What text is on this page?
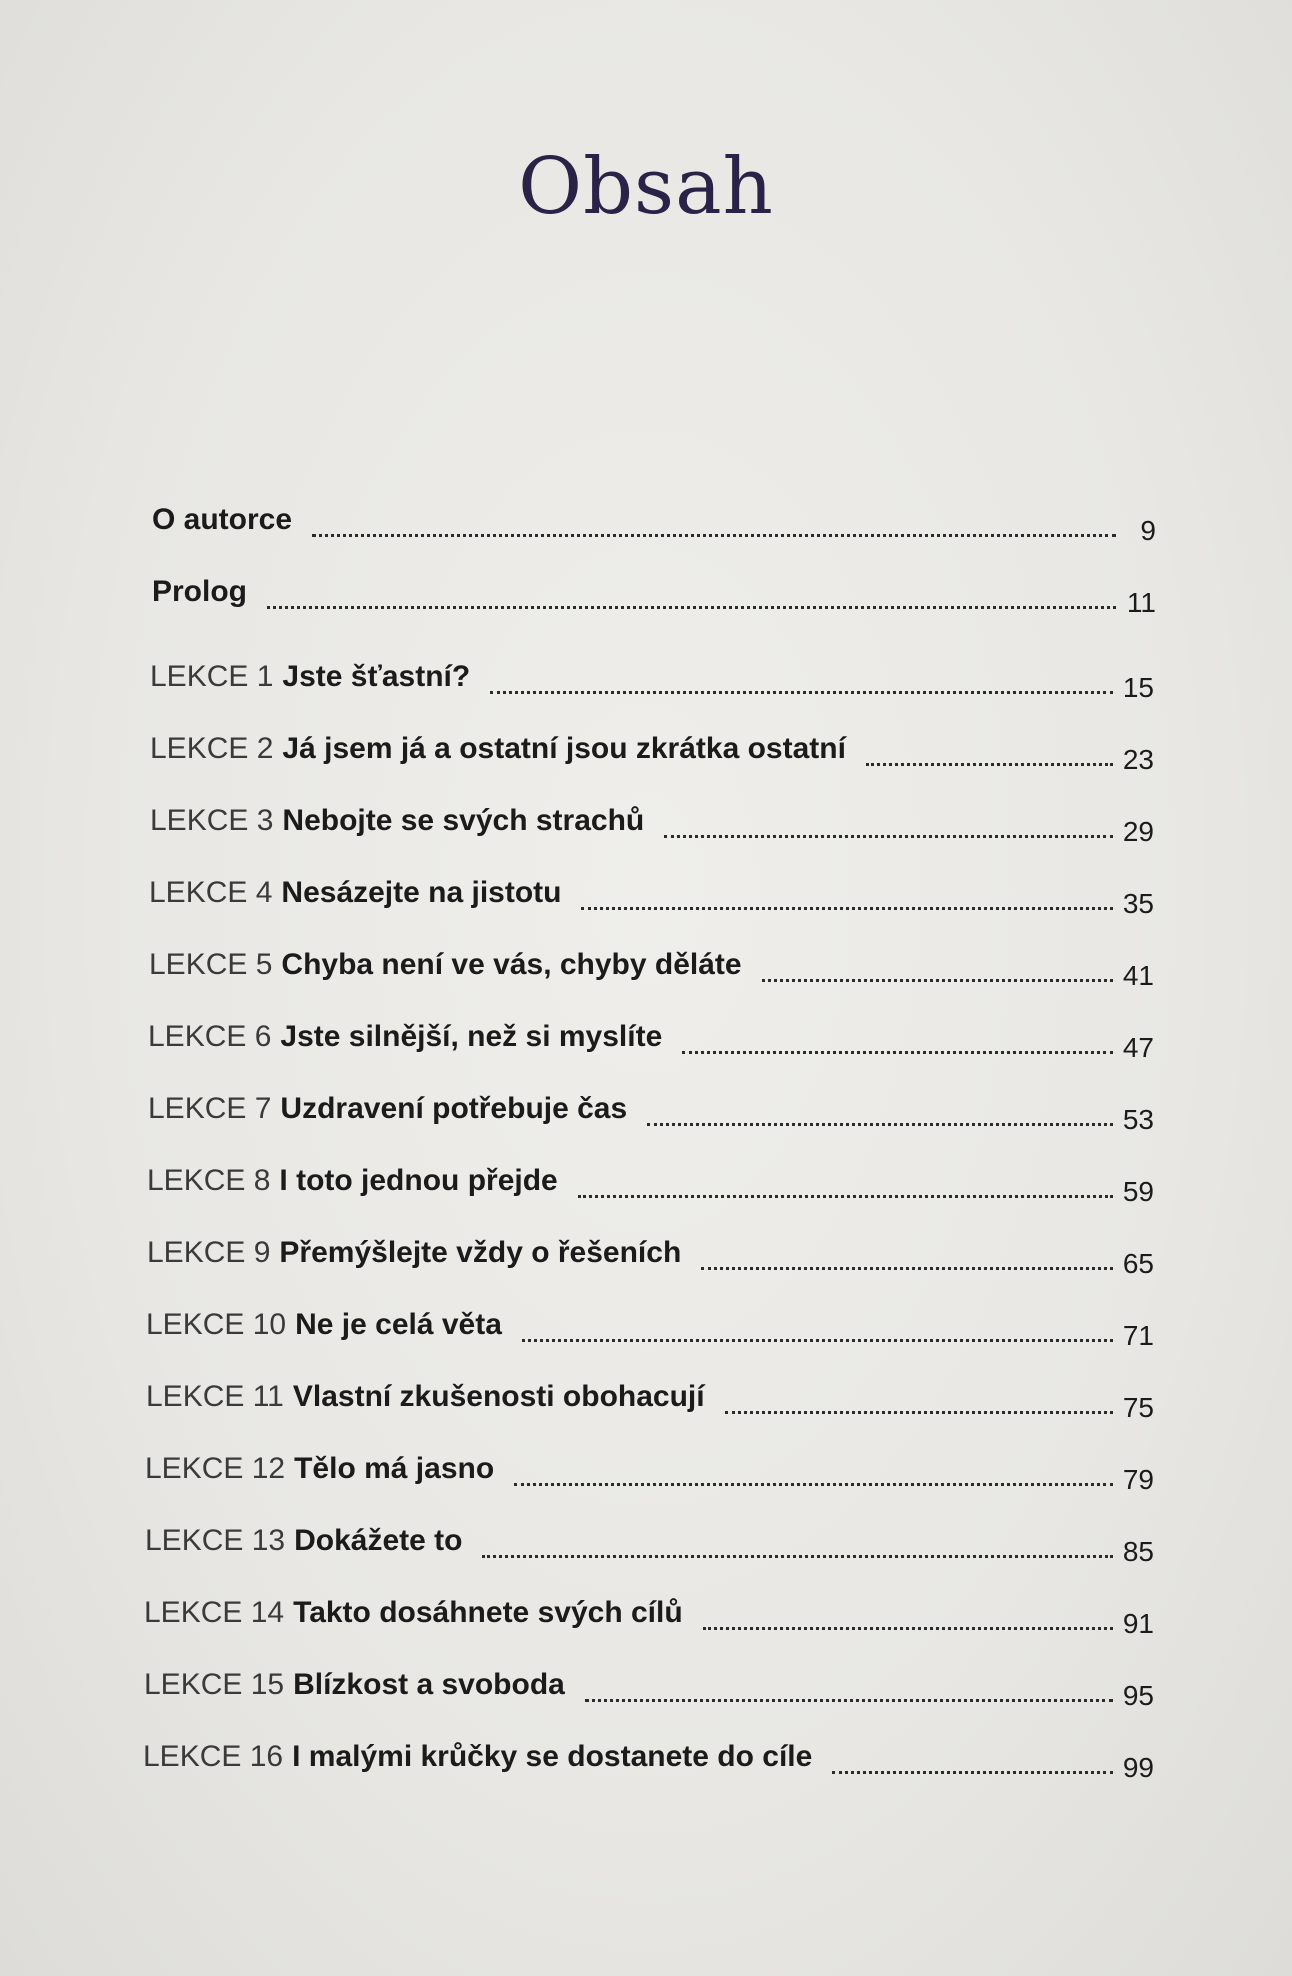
Obsah
O autorce	9
Prolog	11
LEKCE 1 Jste šťastní?	15
LEKCE 2 Já jsem já a ostatní jsou zkrátka ostatní	23
LEKCE 3 Nebojte se svých strachů	29
LEKCE 4 Nesázejte na jistotu	35
LEKCE 5 Chyba není ve vás, chyby děláte	41
LEKCE 6 Jste silnější, než si myslíte	47
LEKCE 7 Uzdravení potřebuje čas	53
LEKCE 8 I toto jednou přejde	59
LEKCE 9 Přemýšlejte vždy o řešeních	65
LEKCE 10 Ne je celá věta	71
LEKCE 11 Vlastní zkušenosti obohacují	75
LEKCE 12 Tělo má jasno	79
LEKCE 13 Dokážete to	85
LEKCE 14 Takto dosáhnete svých cílů	91
LEKCE 15 Blízkost a svoboda	95
LEKCE 16 I malými krůčky se dostanete do cíle	99
